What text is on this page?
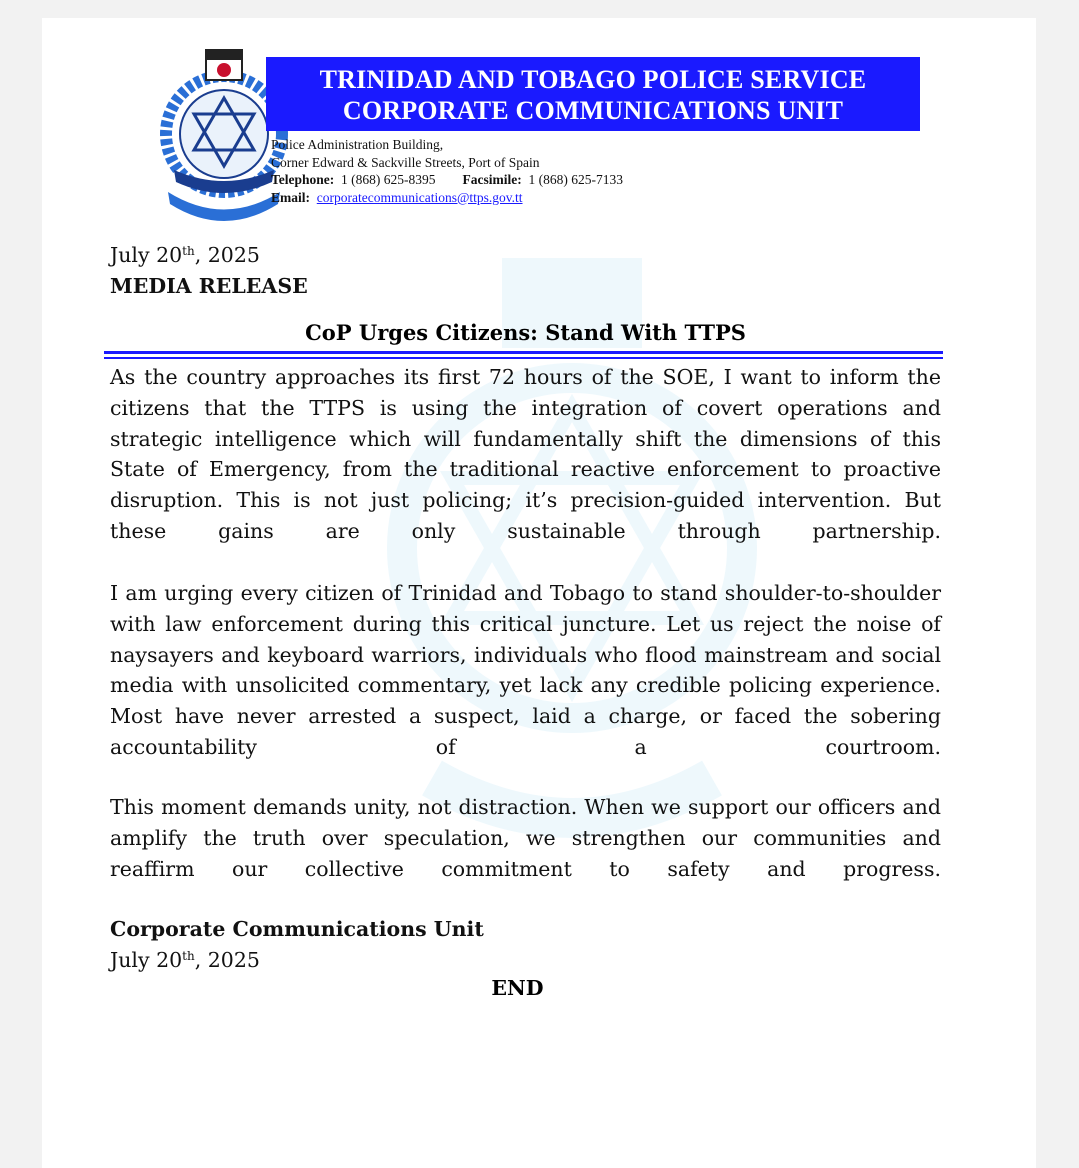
TRINIDAD AND TOBAGO POLICE SERVICE
CORPORATE COMMUNICATIONS UNIT
Police Administration Building,
Corner Edward & Sackville Streets, Port of Spain
Telephone: 1 (868) 625-8395 Facsimile: 1 (868) 625-7133
Email: corporatecommunications@ttps.gov.tt
July 20th, 2025
MEDIA RELEASE
CoP Urges Citizens: Stand With TTPS

As the country approaches its first 72 hours of the SOE, I want to inform the citizens that the TTPS is using the integration of covert operations and strategic intelligence which will fundamentally shift the dimensions of this State of Emergency, from the traditional reactive enforcement to proactive disruption. This is not just policing; it’s precision-guided intervention. But these gains are only sustainable through partnership.

I am urging every citizen of Trinidad and Tobago to stand shoulder-to-shoulder with law enforcement during this critical juncture. Let us reject the noise of naysayers and keyboard warriors, individuals who flood mainstream and social media with unsolicited commentary, yet lack any credible policing experience. Most have never arrested a suspect, laid a charge, or faced the sobering accountability of a courtroom.

This moment demands unity, not distraction. When we support our officers and amplify the truth over speculation, we strengthen our communities and reaffirm our collective commitment to safety and progress.

Corporate Communications Unit
July 20th, 2025
END
